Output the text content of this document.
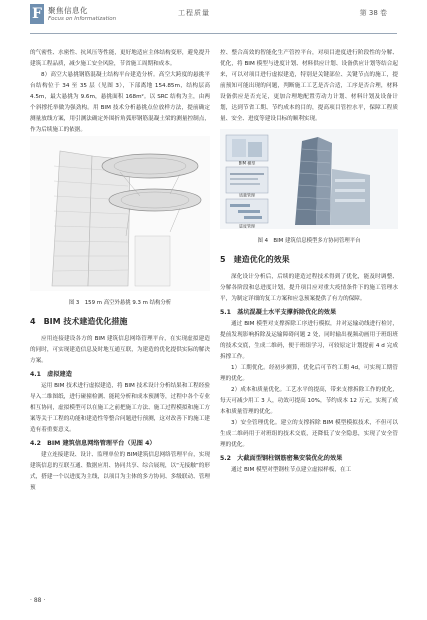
F 聚焦信息化
Focus on Informatization
工程质量	第 38 卷

的气密性、水密性、抗风压等性能，更好地适应主体结构变形，避免提升建筑工程品质，减少施工安全风险，节省施工周期和成本。

8）高空大悬挑钢筋混凝土结构平台建造分析。高空大跨度的悬挑平台结构位于 34 至 35 层（见图 3），下部离地 154.85m，结构层高 4.5m，最大悬挑为 9.6m，悬挑面积 168m²。以 SRC 结构为主，由两个斜撑托举做为强劲构。用 BIM 技术分析悬挑点位放样方法，提前确定测量放线方案，用引测法确定外围折角弧形钢筋混凝土梁的测量控制点，作为后续施工的依据。

图 3　159 m 高空外悬挑 9.3 m 结构分析
4　BIM 技术建造优化措施

应用连接建设各方的 BIM 建筑信息网络管理平台，在实现虚拟建造的同时，可实现建造信息及时地互通互联，为建造的优化提供实际的解决方案。

4.1　虚拟建造

运用 BIM 技术进行虚拟建造，将 BIM 技术设计分析结果和工程经验导入二维图纸，进行碰撞检测、能耗分析和成本预测等，过程中各个专业相互协同，虚拟模型可以在施工之前把施工方法、施工过程模拟和施工方案等关于工程的功能和建造性等整合问题进行预测，这对改善下的施工建造有着重要意义。

4.2　BIM 建筑信息网络管理平台（见图 4）

建立连接建设、设计、监理单位的 BIM建筑信息网络管理平台，实现建筑信息的互联互通、数据应用、协同共享、综合展现，以“无接触”的形式，搭建一个以进度为主线，以项目为主体的多方协同、多级联动、管理预

控、整合高效的智能化生产管控平台，对项目进度进行阶段性的分解、优化，将 BIM 模型与进度计划、材料供应计划、设备供应计划等结合起来，可以对项目进行虚拟建造，特别是关键部位、关键节点的施工，提前预知可能出现的问题，判断施工工艺是否合适，工序是否合理，材料设备供应是否充足，更加合理地配置劳动力计划、材料计划及设备计划，达到节省工期、节约成本的目的，提高项目管控水平，保障工程质量、安全、进度等建设目标的顺利实现。

BIM 模型
质量管理
进度管理
图 4　BIM 建筑信息模型多方协同管理平台
5　建造优化的效果

深化设计分析后，后续的建造过程技术得到了优化，能及时调整、分解各阶段和总进度计划，提升项目应对重大疫情条件下的施工管理水平，为制定详细的复工方案和应急预案提供了有力的保障。

5.1　基坑混凝土水平支撑拆除优化的效果

通过 BIM 模型对支撑拆除工序进行模拟，并对运输动线进行检讨，提前发现影响拆除及运输障碍问题 2 处，同时输出视频动画用于班组班的技术交底，生成二维码，便于班组学习，可较原定计划提前 4 d 完成拆撑工作。

1）工期优化。经初步测算，优化后可节约工期 4d，可实现工期管理的优化。

2）成本和质量优化。工艺水平的提高，带来支撑拆除工作的优化，每天可减少用工 3 人，功效可提高 10%，节约成本 12 万元，实现了成本和质量管理的优化。

3）安全管理优化。建立的支撑拆除 BIM 模型模拟技术，不但可以生成二维码用于对班组的技术交底，还降低了安全隐患，实现了安全管理的优化。

5.2　大截面型钢柱钢筋密集安装优化的效果

通过 BIM 模型对型钢柱节点建立虚拟样板，在工

· 88 ·
